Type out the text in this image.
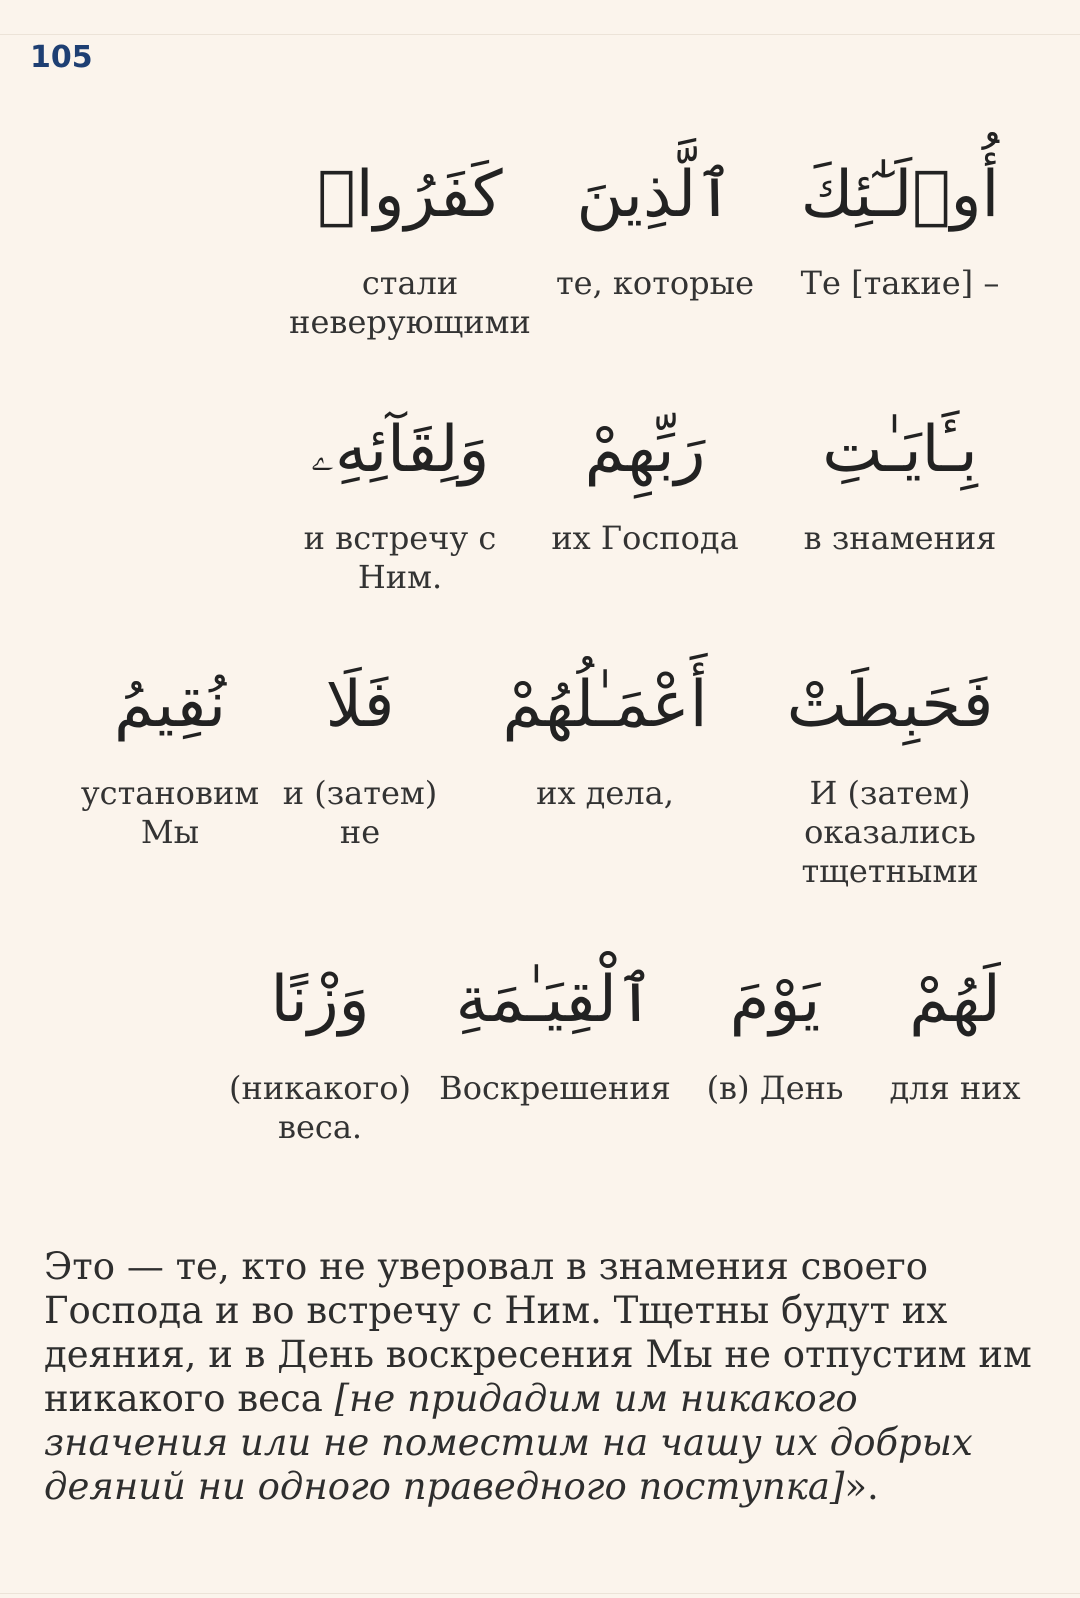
105
أُو۟لَـٰٓئِكَ
Те [такие] –
ٱلَّذِينَ
те, которые
كَفَرُوا۟
стали неверующими
بِـَٔايَـٰتِ
в знамения
رَبِّهِمْ
их Господа
وَلِقَآئِهِۦ
и встречу с Ним.
فَحَبِطَتْ
И (затем) оказались тщетными
أَعْمَـٰلُهُمْ
их дела,
فَلَا
и (затем) не
نُقِيمُ
установим Мы
لَهُمْ
для них
يَوْمَ
(в) День
ٱلْقِيَـٰمَةِ
Воскрешения
وَزْنًا
(никакого) веса.
Это — те, кто не уверовал в знамения своего Господа и во встречу с Ним. Тщетны будут их деяния, и в День воскресения Мы не отпустим им никакого веса [не придадим им никакого значения или не поместим на чашу их добрых деяний ни одного праведного поступка]».
